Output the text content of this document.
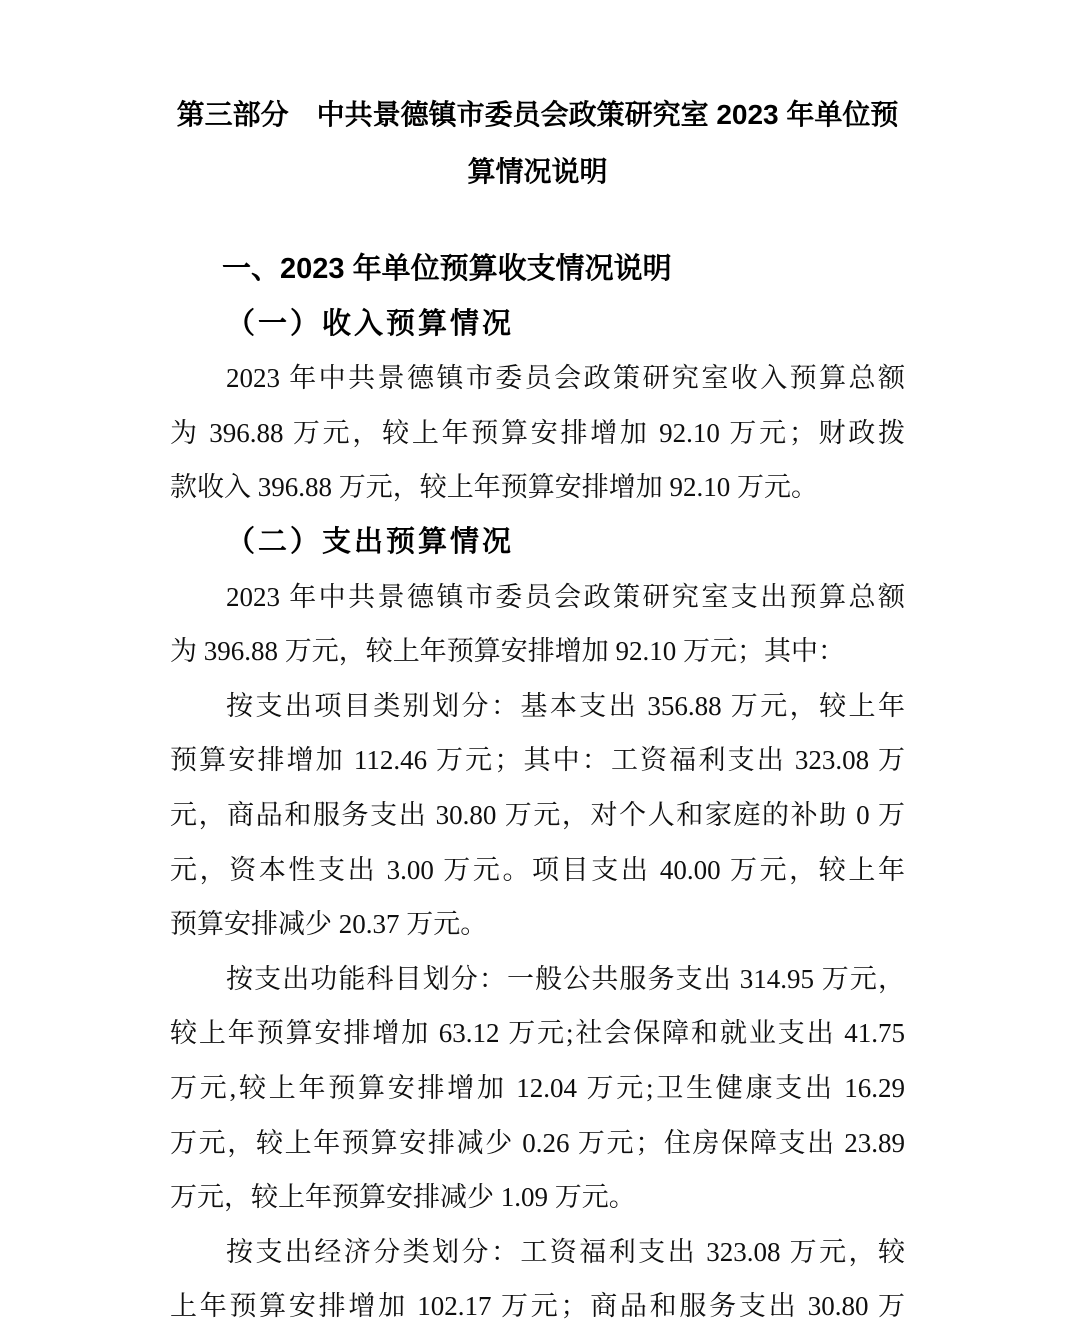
第三部分　中共景德镇市委员会政策研究室 2023 年单位预
算情况说明
一、2023 年单位预算收支情况说明
（一）收入预算情况
2023 年中共景德镇市委员会政策研究室收入预算总额
为 396.88 万元，较上年预算安排增加 92.10 万元；财政拨
款收入 396.88 万元，较上年预算安排增加 92.10 万元。
（二）支出预算情况
2023 年中共景德镇市委员会政策研究室支出预算总额
为 396.88 万元，较上年预算安排增加 92.10 万元；其中：
按支出项目类别划分：基本支出 356.88 万元，较上年
预算安排增加 112.46 万元；其中：工资福利支出 323.08 万
元，商品和服务支出 30.80 万元，对个人和家庭的补助 0 万
元，资本性支出 3.00 万元。项目支出 40.00 万元，较上年
预算安排减少 20.37 万元。
按支出功能科目划分：一般公共服务支出 314.95 万元，
较上年预算安排增加 63.12 万元;社会保障和就业支出 41.75
万元,较上年预算安排增加 12.04 万元;卫生健康支出 16.29
万元，较上年预算安排减少 0.26 万元；住房保障支出 23.89
万元，较上年预算安排减少 1.09 万元。
按支出经济分类划分：工资福利支出 323.08 万元，较
上年预算安排增加 102.17 万元；商品和服务支出 30.80 万
